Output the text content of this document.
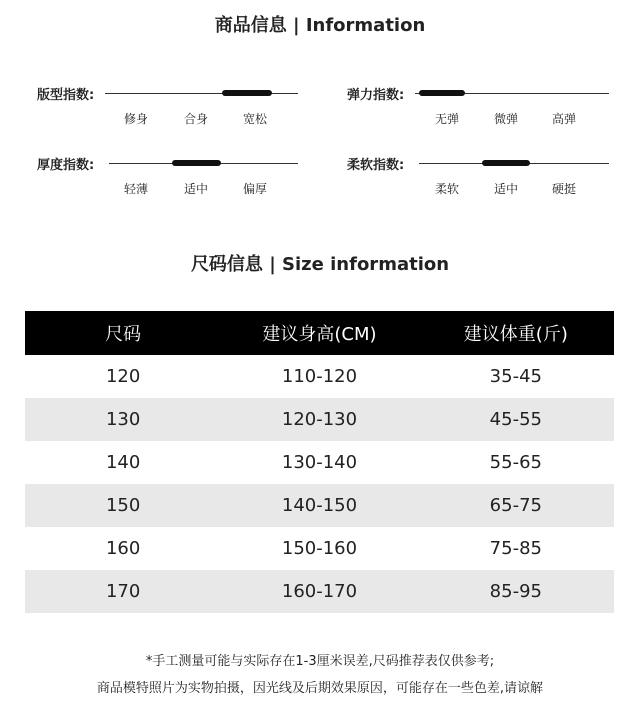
商品信息 | Information
版型指数:
修身	合身	宽松
弹力指数:
无弹	微弹	高弹
厚度指数:
轻薄	适中	偏厚
柔软指数:
柔软	适中	硬挺
尺码信息 | Size information
尺码	建议身高(CM)	建议体重(斤)
120	110-120	35-45
130	120-130	45-55
140	130-140	55-65
150	140-150	65-75
160	150-160	75-85
170	160-170	85-95
*手工测量可能与实际存在1-3厘米误差,尺码推荐表仅供参考;
商品模特照片为实物拍摄，因光线及后期效果原因，可能存在一些色差,请谅解
